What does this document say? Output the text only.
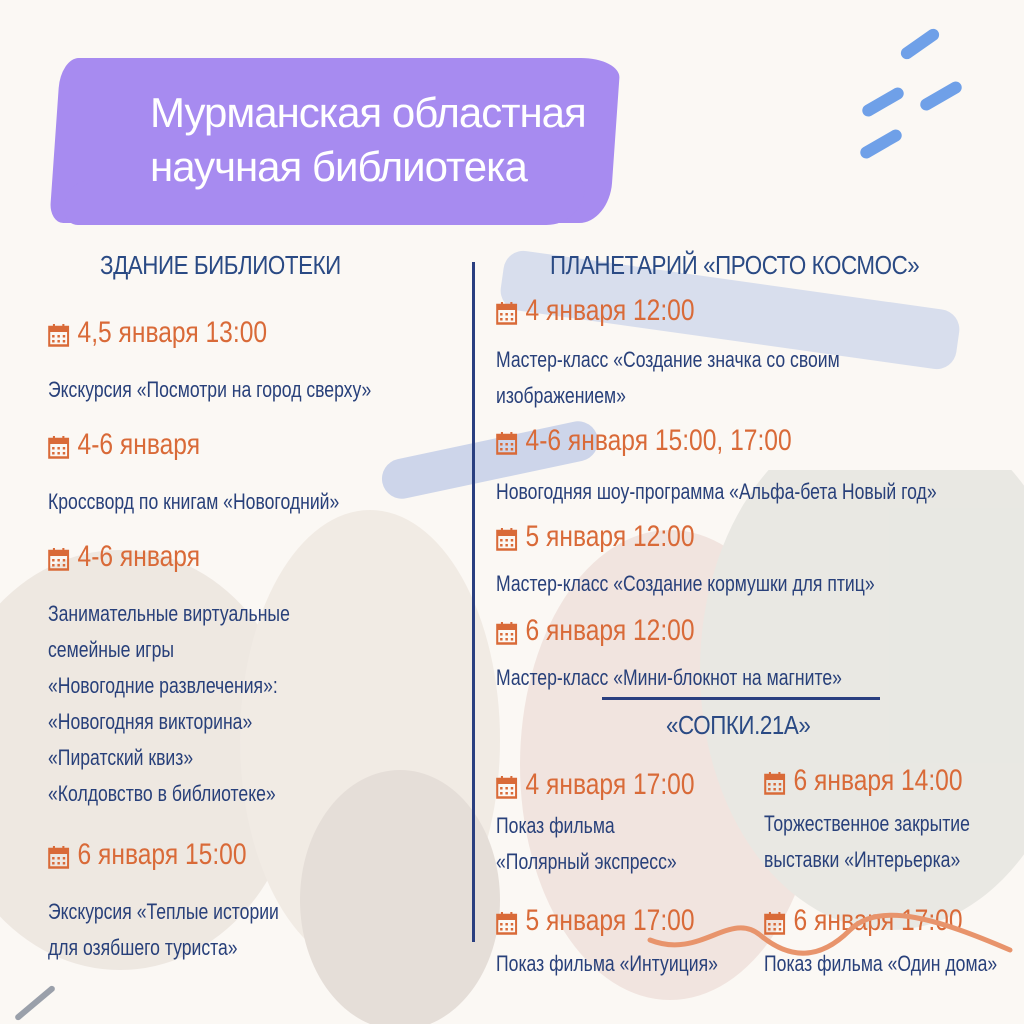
Мурманская областная
научная библиотека
ЗДАНИЕ БИБЛИОТЕКИ	ПЛАНЕТАРИЙ «ПРОСТО КОСМОС»
4,5 января 13:00
Экскурсия «Посмотри на город сверху»
4-6 января
Кроссворд по книгам «Новогодний»
4-6 января
Занимательные виртуальные
семейные игры
«Новогодние развлечения»:
«Новогодняя викторина»
«Пиратский квиз»
«Колдовство в библиотеке»
6 января 15:00
Экскурсия «Теплые истории
для озябшего туриста»
4 января 12:00
Мастер-класс «Создание значка со своим
изображением»
4-6 января 15:00, 17:00
Новогодняя шоу-программа «Альфа-бета Новый год»
5 января 12:00
Мастер-класс «Создание кормушки для птиц»
6 января 12:00
Мастер-класс «Мини-блокнот на магните»
«СОПКИ.21А»
4 января 17:00
Показ фильма
«Полярный экспресс»
6 января 14:00
Торжественное закрытие
выставки «Интерьерка»
5 января 17:00
Показ фильма «Интуиция»
6 января 17:00
Показ фильма «Один дома»
